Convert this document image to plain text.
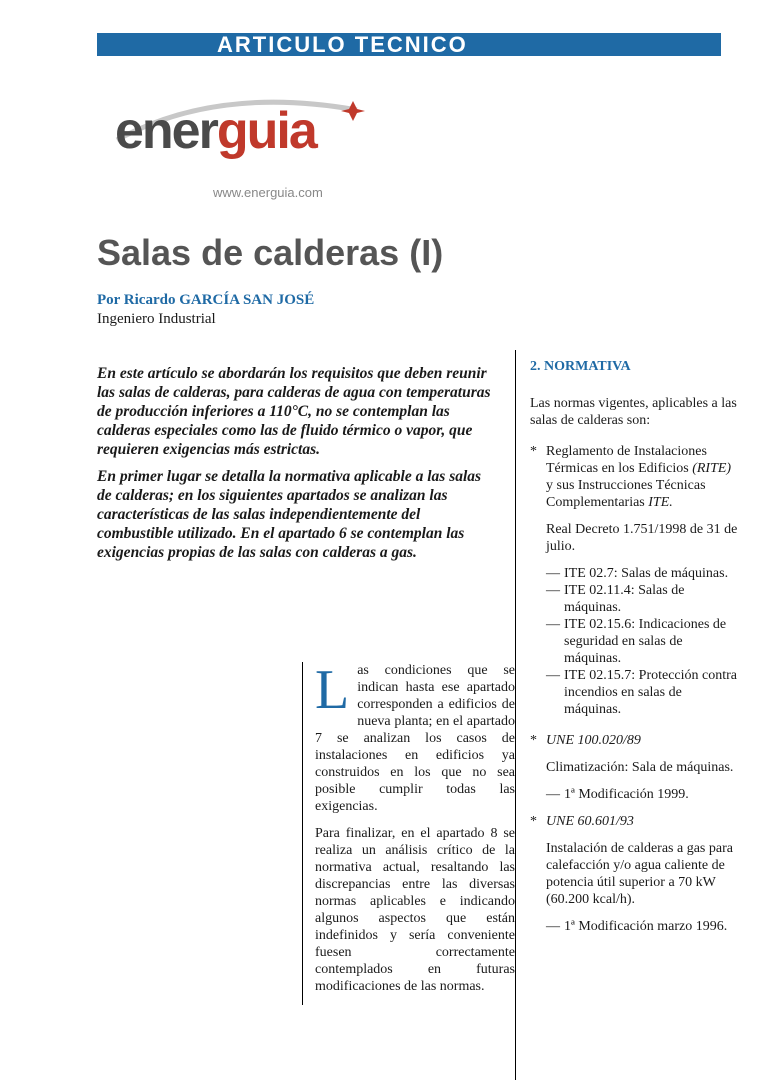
ARTICULO TECNICO
energuia
www.energuia.com
Salas de calderas (I)
Por Ricardo GARCÍA SAN JOSÉ
Ingeniero Industrial

En este artículo se abordarán los requisitos que deben reunir las salas de calderas, para calderas de agua con temperaturas de producción inferiores a 110°C, no se contemplan las calderas especiales como las de fluido térmico o vapor, que requieren exigencias más estrictas.

En primer lugar se detalla la normativa aplicable a las salas de calderas; en los siguientes apartados se analizan las características de las salas independientemente del combustible utilizado. En el apartado 6 se contemplan las exigencias propias de las salas con calderas a gas.

Las condiciones que se indican hasta ese apartado corresponden a edificios de nueva planta; en el apartado 7 se analizan los casos de instalaciones en edificios ya construidos en los que no sea posible cumplir todas las exigencias.

Para finalizar, en el apartado 8 se realiza un análisis crítico de la normativa actual, resaltando las discrepancias entre las diversas normas aplicables e indicando algunos aspectos que están indefinidos y sería conveniente fuesen correctamente contemplados en futuras modificaciones de las normas.

2. NORMATIVA

Las normas vigentes, aplicables a las salas de calderas son:

* Reglamento de Instalaciones Térmicas en los Edificios (RITE) y sus Instrucciones Técnicas Complementarias ITE.

Real Decreto 1.751/1998 de 31 de julio.

— ITE 02.7: Salas de máquinas.
— ITE 02.11.4: Salas de máquinas.
— ITE 02.15.6: Indicaciones de seguridad en salas de máquinas.
— ITE 02.15.7: Protección contra incendios en salas de máquinas.
* UNE 100.020/89

Climatización: Sala de máquinas.

— 1ª Modificación 1999.
* UNE 60.601/93

Instalación de calderas a gas para calefacción y/o agua caliente de potencia útil superior a 70 kW (60.200 kcal/h).

— 1ª Modificación marzo 1996.
